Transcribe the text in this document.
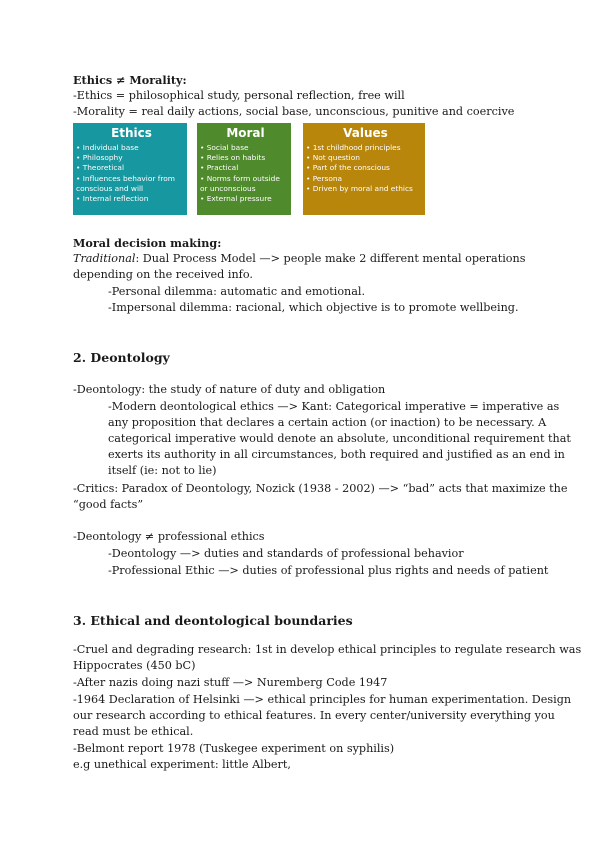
Ethics ≠ Morality:
-Ethics = philosophical study, personal reflection, free will
-Morality = real daily actions, social base, unconscious, punitive and coercive
Ethics
• Individual base
• Philosophy
• Theoretical
• Influences behavior from
conscious and will
• Internal reflection
Moral
• Social base
• Relies on habits
• Practical
• Norms form outside
or unconscious
• External pressure
Values
• 1st childhood principles
• Not question
• Part of the conscious
• Persona
• Driven by moral and ethics
Moral decision making:
Traditional: Dual Process Model —> people make 2 different mental operations
depending on the received info.
-Personal dilemma: automatic and emotional.
-Impersonal dilemma: racional, which objective is to promote wellbeing.
2. Deontology
-Deontology: the study of nature of duty and obligation
-Modern deontological ethics —> Kant: Categorical imperative = imperative as
any proposition that declares a certain action (or inaction) to be necessary. A
categorical imperative would denote an absolute, unconditional requirement that
exerts its authority in all circumstances, both required and justified as an end in
itself (ie: not to lie)
-Critics: Paradox of Deontology, Nozick (1938 - 2002) —> “bad” acts that maximize the
“good facts”
-Deontology ≠ professional ethics
-Deontology —> duties and standards of professional behavior
-Professional Ethic —> duties of professional plus rights and needs of patient
3. Ethical and deontological boundaries
-Cruel and degrading research: 1st in develop ethical principles to regulate research was
Hippocrates (450 bC)
-After nazis doing nazi stuff —> Nuremberg Code 1947
-1964 Declaration of Helsinki —> ethical principles for human experimentation. Design
our research according to ethical features. In every center/university everything you
read must be ethical.
-Belmont report 1978 (Tuskegee experiment on syphilis)
e.g unethical experiment: little Albert,
